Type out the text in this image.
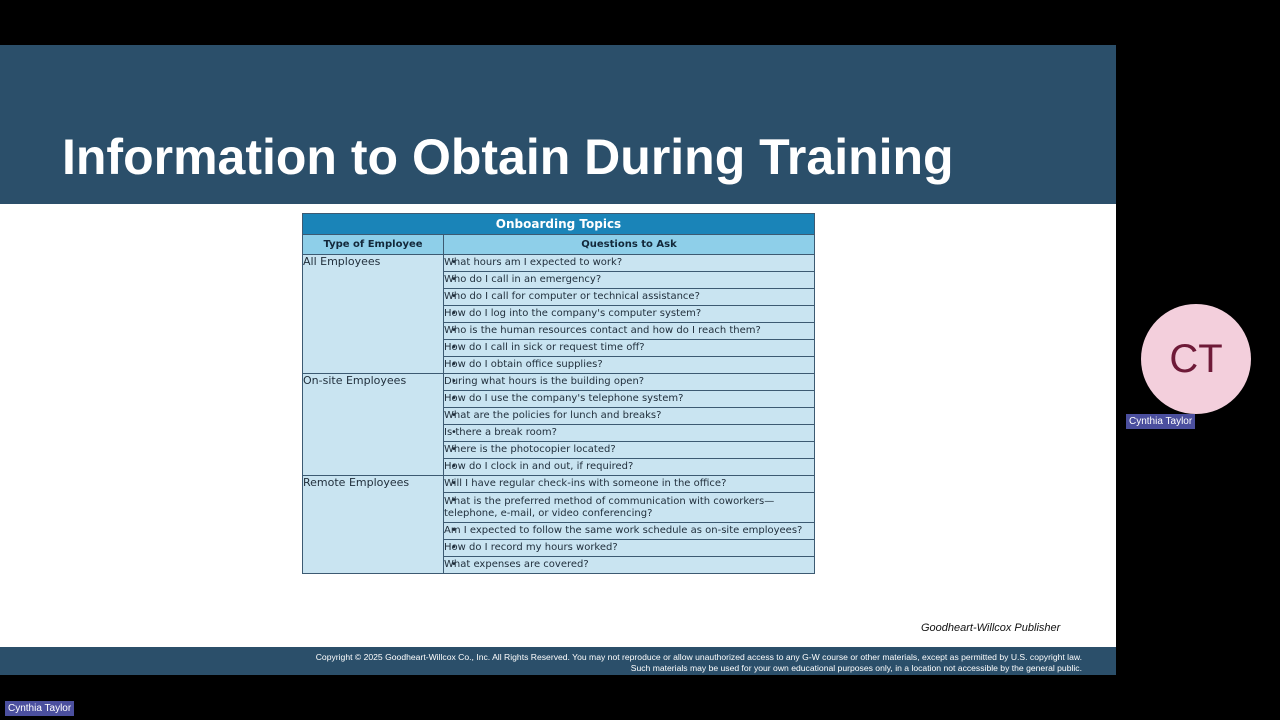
Information to Obtain During Training
Onboarding Topics	
Type of Employee	Questions to Ask
All Employees	• What hours am I expected to work?
	• Who do I call in an emergency?
	• Who do I call for computer or technical assistance?
	• How do I log into the company's computer system?
	• Who is the human resources contact and how do I reach them?
	• How do I call in sick or request time off?
	• How do I obtain office supplies?
On-site Employees	• During what hours is the building open?
	• How do I use the company's telephone system?
	• What are the policies for lunch and breaks?
	• Is there a break room?
	• Where is the photocopier located?
	• How do I clock in and out, if required?
Remote Employees	• Will I have regular check-ins with someone in the office?
	• What is the preferred method of communication with coworkers—telephone, e-mail, or video conferencing?
	• Am I expected to follow the same work schedule as on-site employees?
	• How do I record my hours worked?
	• What expenses are covered?
Goodheart-Willcox Publisher
Copyright © 2025 Goodheart-Willcox Co., Inc. All Rights Reserved. You may not reproduce or allow unauthorized access to any G-W course or other materials, except as permitted by U.S. copyright law.
Such materials may be used for your own educational purposes only, in a location not accessible by the general public.
CT
Cynthia Taylor
Cynthia Taylor
